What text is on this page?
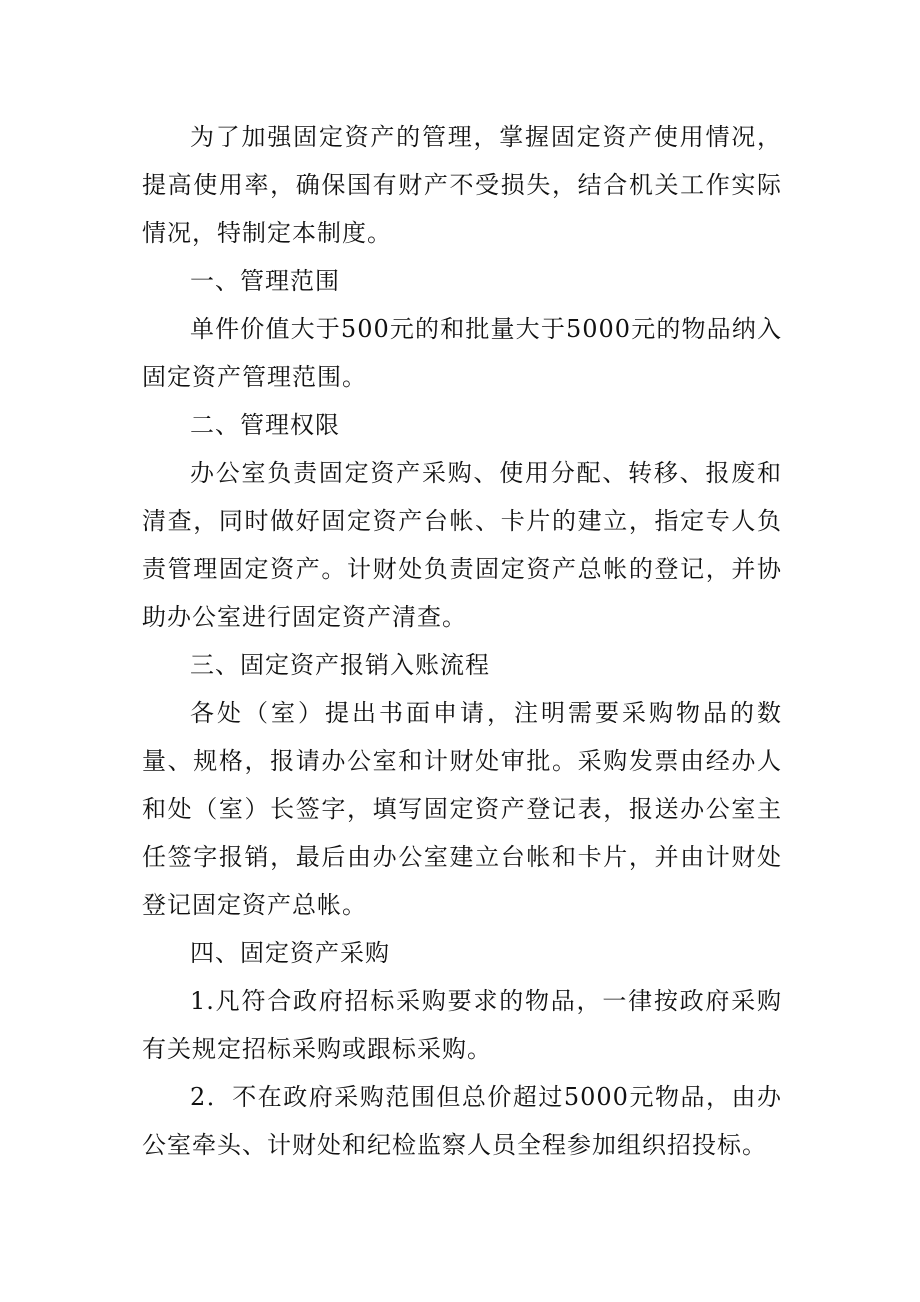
为了加强固定资产的管理，掌握固定资产使用情况，提高使用率，确保国有财产不受损失，结合机关工作实际情况，特制定本制度。

一、管理范围

单件价值大于500元的和批量大于5000元的物品纳入固定资产管理范围。

二、管理权限

办公室负责固定资产采购、使用分配、转移、报废和清查，同时做好固定资产台帐、卡片的建立，指定专人负责管理固定资产。计财处负责固定资产总帐的登记，并协助办公室进行固定资产清查。

三、固定资产报销入账流程

各处（室）提出书面申请，注明需要采购物品的数量、规格，报请办公室和计财处审批。采购发票由经办人和处（室）长签字，填写固定资产登记表，报送办公室主任签字报销，最后由办公室建立台帐和卡片，并由计财处登记固定资产总帐。

四、固定资产采购

1.凡符合政府招标采购要求的物品，一律按政府采购有关规定招标采购或跟标采购。

2．不在政府采购范围但总价超过5000元物品，由办公室牵头、计财处和纪检监察人员全程参加组织招投标。
